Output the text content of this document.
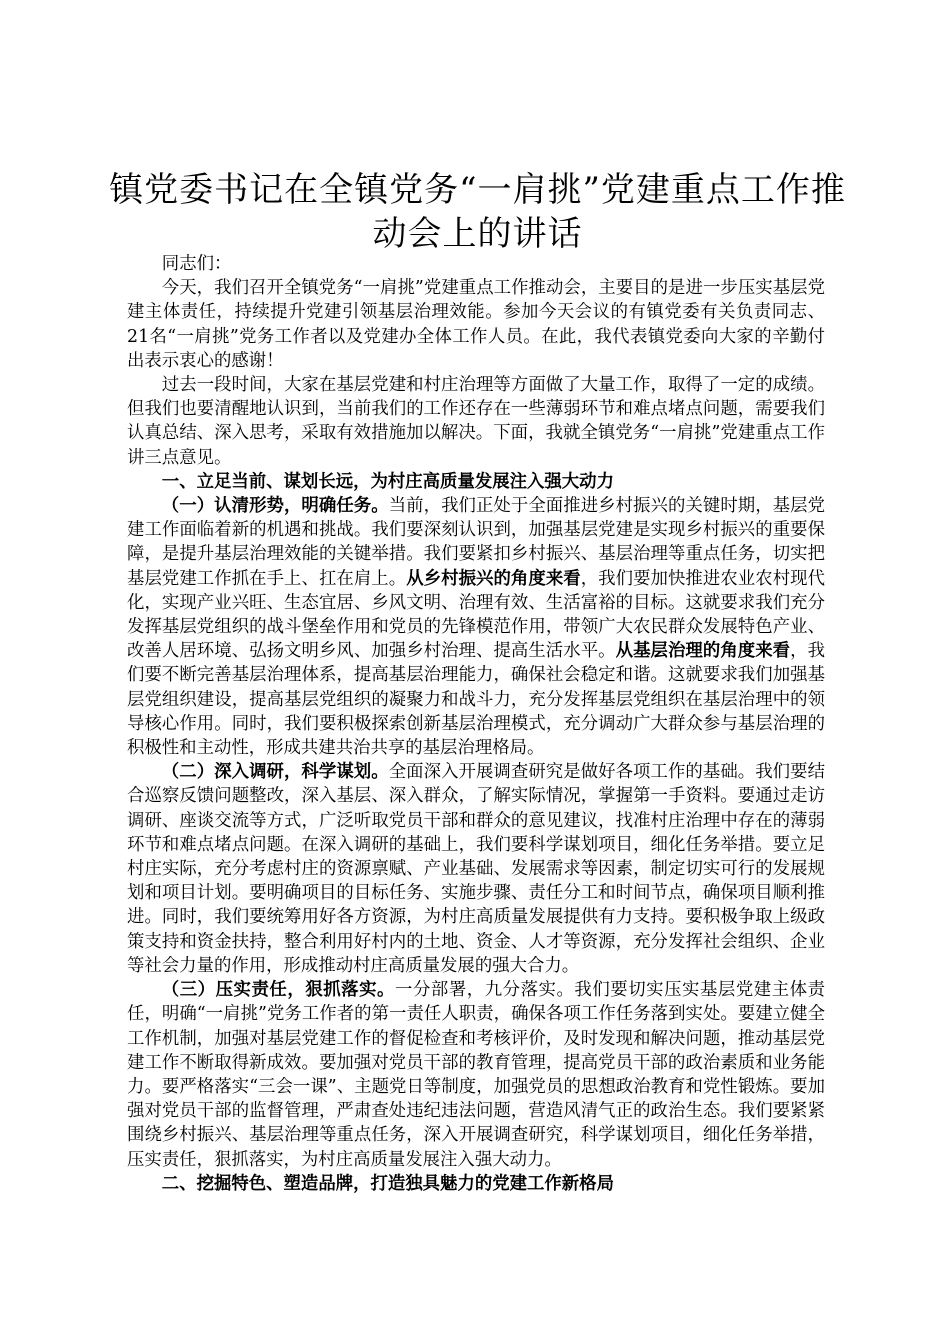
镇党委书记在全镇党务“一肩挑”党建重点工作推动会上的讲话

同志们：

今天，我们召开全镇党务“一肩挑”党建重点工作推动会，主要目的是进一步压实基层党建主体责任，持续提升党建引领基层治理效能。参加今天会议的有镇党委有关负责同志、21名“一肩挑”党务工作者以及党建办全体工作人员。在此，我代表镇党委向大家的辛勤付出表示衷心的感谢！

过去一段时间，大家在基层党建和村庄治理等方面做了大量工作，取得了一定的成绩。但我们也要清醒地认识到，当前我们的工作还存在一些薄弱环节和难点堵点问题，需要我们认真总结、深入思考，采取有效措施加以解决。下面，我就全镇党务“一肩挑”党建重点工作讲三点意见。

一、立足当前、谋划长远，为村庄高质量发展注入强大动力

（一）认清形势，明确任务。当前，我们正处于全面推进乡村振兴的关键时期，基层党建工作面临着新的机遇和挑战。我们要深刻认识到，加强基层党建是实现乡村振兴的重要保障，是提升基层治理效能的关键举措。我们要紧扣乡村振兴、基层治理等重点任务，切实把基层党建工作抓在手上、扛在肩上。从乡村振兴的角度来看，我们要加快推进农业农村现代化，实现产业兴旺、生态宜居、乡风文明、治理有效、生活富裕的目标。这就要求我们充分发挥基层党组织的战斗堡垒作用和党员的先锋模范作用，带领广大农民群众发展特色产业、改善人居环境、弘扬文明乡风、加强乡村治理、提高生活水平。从基层治理的角度来看，我们要不断完善基层治理体系，提高基层治理能力，确保社会稳定和谐。这就要求我们加强基层党组织建设，提高基层党组织的凝聚力和战斗力，充分发挥基层党组织在基层治理中的领导核心作用。同时，我们要积极探索创新基层治理模式，充分调动广大群众参与基层治理的积极性和主动性，形成共建共治共享的基层治理格局。

（二）深入调研，科学谋划。全面深入开展调查研究是做好各项工作的基础。我们要结合巡察反馈问题整改，深入基层、深入群众，了解实际情况，掌握第一手资料。要通过走访调研、座谈交流等方式，广泛听取党员干部和群众的意见建议，找准村庄治理中存在的薄弱环节和难点堵点问题。在深入调研的基础上，我们要科学谋划项目，细化任务举措。要立足村庄实际，充分考虑村庄的资源禀赋、产业基础、发展需求等因素，制定切实可行的发展规划和项目计划。要明确项目的目标任务、实施步骤、责任分工和时间节点，确保项目顺利推进。同时，我们要统筹用好各方资源，为村庄高质量发展提供有力支持。要积极争取上级政策支持和资金扶持，整合利用好村内的土地、资金、人才等资源，充分发挥社会组织、企业等社会力量的作用，形成推动村庄高质量发展的强大合力。

（三）压实责任，狠抓落实。一分部署，九分落实。我们要切实压实基层党建主体责任，明确“一肩挑”党务工作者的第一责任人职责，确保各项工作任务落到实处。要建立健全工作机制，加强对基层党建工作的督促检查和考核评价，及时发现和解决问题，推动基层党建工作不断取得新成效。要加强对党员干部的教育管理，提高党员干部的政治素质和业务能力。要严格落实“三会一课”、主题党日等制度，加强党员的思想政治教育和党性锻炼。要加强对党员干部的监督管理，严肃查处违纪违法问题，营造风清气正的政治生态。我们要紧紧围绕乡村振兴、基层治理等重点任务，深入开展调查研究，科学谋划项目，细化任务举措，压实责任，狠抓落实，为村庄高质量发展注入强大动力。

二、挖掘特色、塑造品牌，打造独具魅力的党建工作新格局
